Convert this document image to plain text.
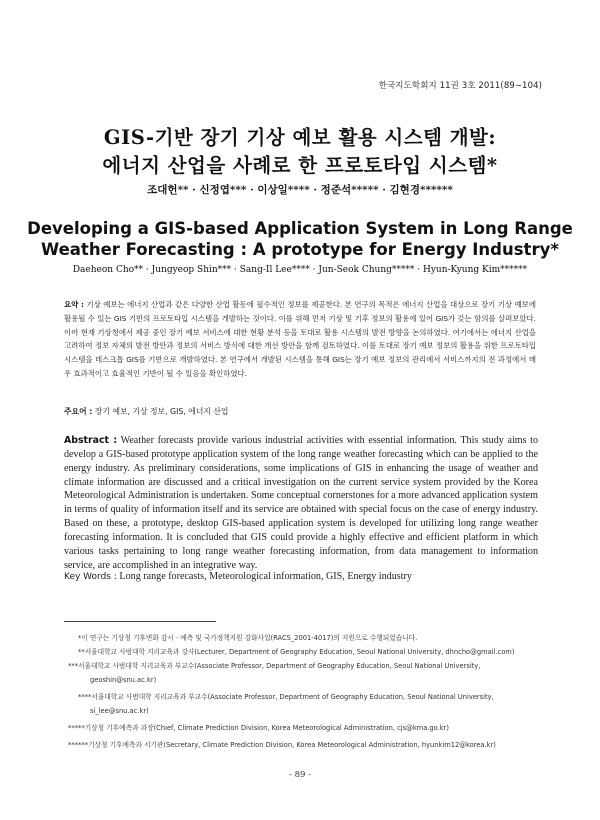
한국지도학회지 11권 3호 2011(89∼104)
GIS-기반 장기 기상 예보 활용 시스템 개발:
에너지 산업을 사례로 한 프로토타입 시스템*
조대헌** · 신정엽*** · 이상일**** · 정준석***** · 김현경******
Developing a GIS-based Application System in Long Range
Weather Forecasting : A prototype for Energy Industry*
Daeheon Cho** · Jungyeop Shin*** · Sang-Il Lee**** · Jun-Seok Chung***** · Hyun-Kyung Kim******
요약 : 기상 예보는 에너지 산업과 같은 다양한 산업 활동에 필수적인 정보를 제공한다. 본 연구의 목적은 에너지 산업을 대상으로 장기 기상 예보에 활용될 수 있는 GIS 기반의 프로토타입 시스템을 개발하는 것이다. 이를 위해 먼저 기상 및 기후 정보의 활용에 있어 GIS가 갖는 함의를 살펴보았다. 이어 현재 기상청에서 제공 중인 장기 예보 서비스에 대한 현황 분석 등을 토대로 활용 시스템의 발전 방향을 논의하였다. 여기에서는 에너지 산업을 고려하여 정보 자체의 발전 방안과 정보의 서비스 방식에 대한 개선 방안을 함께 검토하였다. 이를 토대로 장기 예보 정보의 활용을 위한 프로토타입 시스템을 데스크톱 GIS를 기반으로 개발하였다. 본 연구에서 개발된 시스템을 통해 GIS는 장기 예보 정보의 관리에서 서비스까지의 전 과정에서 매우 효과적이고 효율적인 기반이 될 수 있음을 확인하였다.
주요어 : 장기 예보, 기상 정보, GIS, 에너지 산업
Abstract : Weather forecasts provide various industrial activities with essential information. This study aims to develop a GIS-based prototype application system of the long range weather forecasting which can be applied to the energy industry. As preliminary considerations, some implications of GIS in enhancing the usage of weather and climate information are discussed and a critical investigation on the current service system provided by the Korea Meteorological Administration is undertaken. Some conceptual cornerstones for a more advanced application system in terms of quality of information itself and its service are obtained with special focus on the case of energy industry. Based on these, a prototype, desktop GIS-based application system is developed for utilizing long range weather forecasting information. It is concluded that GIS could provide a highly effective and efficient platform in which various tasks pertaining to long range weather forecasting information, from data management to information service, are accomplished in an integrative way.
Key Words : Long range forecasts, Meteorological information, GIS, Energy industry
*이 연구는 기상청 기후변화 감시 · 예측 및 국가정책지원 강화사업(RACS_2001-4017)의 지원으로 수행되었습니다.
**서울대학교 사범대학 지리교육과 강사(Lecturer, Department of Geography Education, Seoul National University, dhncho@gmail.com)
***서울대학교 사범대학 지리교육과 부교수(Associate Professor, Department of Geography Education, Seoul National University,
geoshin@snu.ac.kr)
****서울대학교 사범대학 지리교육과 부교수(Associate Professor, Department of Geography Education, Seoul National University,
si_lee@snu.ac.kr)
*****기상청 기후예측과 과장(Chief, Climate Prediction Division, Korea Meteorological Administration, cjs@kma.go.kr)
******기상청 기후예측과 서기관(Secretary, Climate Prediction Division, Korea Meteorological Administration, hyunkim12@korea.kr)
- 89 -
